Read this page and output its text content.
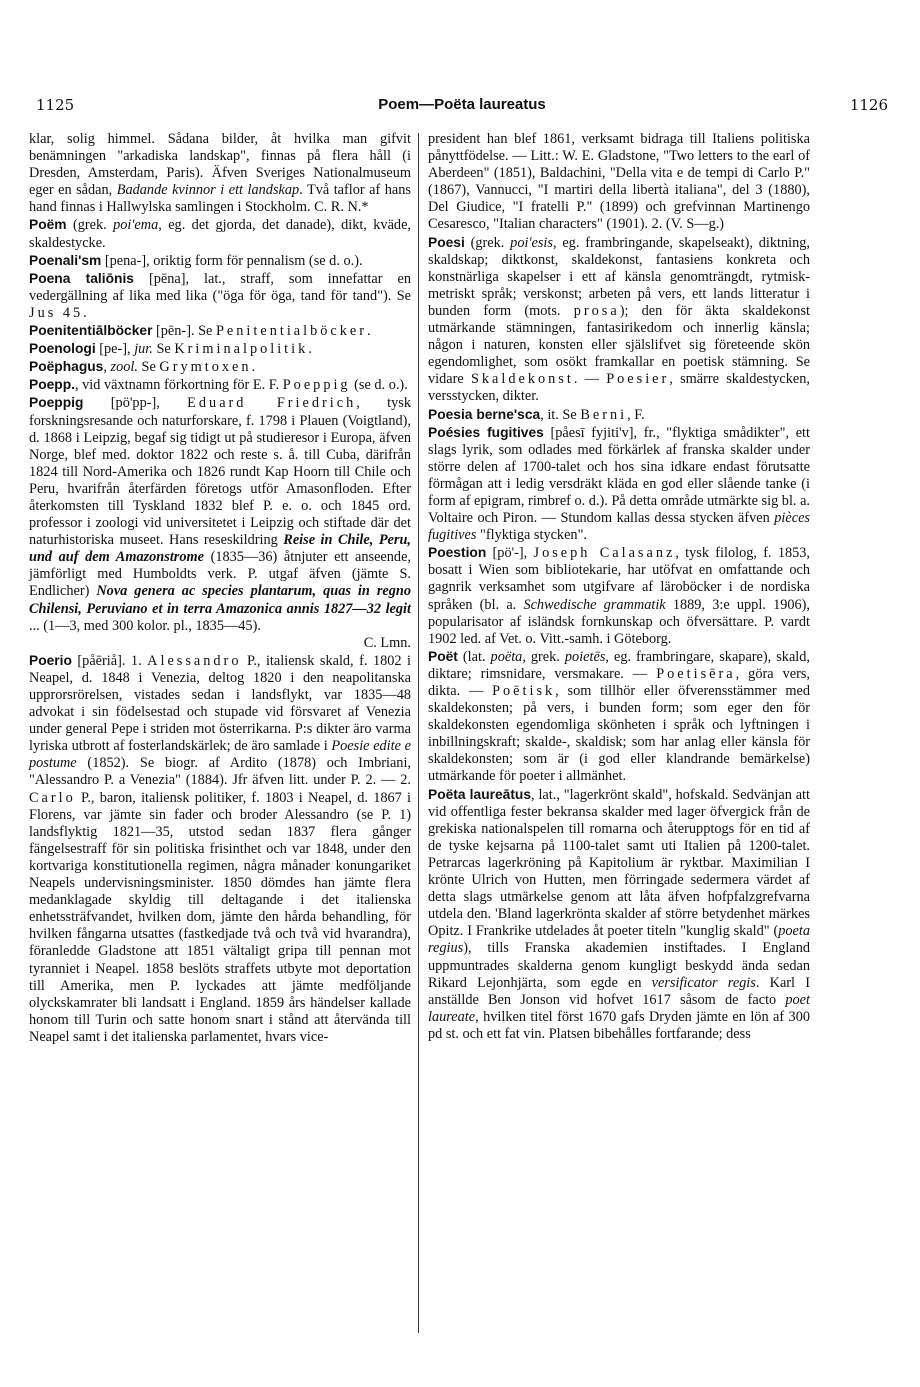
1125	Poem—Poëta laureatus	1126

klar, solig himmel. Sådana bilder, åt hvilka man gifvit benämningen "arkadiska landskap", finnas på flera håll (i Dresden, Amsterdam, Paris). Äfven Sveriges Nationalmuseum eger en sådan, Badande kvinnor i ett landskap. Två taflor af hans hand finnas i Hallwylska samlingen i Stockholm. C. R. N.*

Poëm (grek. poi'ema, eg. det gjorda, det danade), dikt, kväde, skaldestycke.

Poenali'sm [pena-], oriktig form för pennalism (se d. o.).

Poena taliōnis [pēna], lat., straff, som innefattar en vedergällning af lika med lika ("öga för öga, tand för tand"). Se Jus 45.

Poenitentiālböcker [pēn-]. Se Penitentialböcker.

Poenologi [pe-], jur. Se Kriminalpolitik.

Poëphagus, zool. Se Grymtoxen.

Poepp., vid växtnamn förkortning för E. F. Poeppig (se d. o.).

Poeppig [pö'pp-], Eduard Friedrich, tysk forskningsresande och naturforskare, f. 1798 i Plauen (Voigtland), d. 1868 i Leipzig, begaf sig tidigt ut på studieresor i Europa, äfven Norge, blef med. doktor 1822 och reste s. å. till Cuba, därifrån 1824 till Nord-Amerika och 1826 rundt Kap Hoorn till Chile och Peru, hvarifrån återfärden företogs utför Amasonfloden. Efter återkomsten till Tyskland 1832 blef P. e. o. och 1845 ord. professor i zoologi vid universitetet i Leipzig och stiftade där det naturhistoriska museet. Hans reseskildring Reise in Chile, Peru, und auf dem Amazonstrome (1835—36) åtnjuter ett anseende, jämförligt med Humboldts verk. P. utgaf äfven (jämte S. Endlicher) Nova genera ac species plantarum, quas in regno Chilensi, Peruviano et in terra Amazonica annis 1827—32 legit ... (1—3, med 300 kolor. pl., 1835—45).
C. Lmn.

Poerio [påēriå]. 1. Alessandro P., italiensk skald, f. 1802 i Neapel, d. 1848 i Venezia, deltog 1820 i den neapolitanska upprorsrörelsen, vistades sedan i landsflykt, var 1835—48 advokat i sin födelsestad och stupade vid försvaret af Venezia under general Pepe i striden mot österrikarna. P:s dikter äro varma lyriska utbrott af fosterlandskärlek; de äro samlade i Poesie edite e postume (1852). Se biogr. af Ardito (1878) och Imbriani, "Alessandro P. a Venezia" (1884). Jfr äfven litt. under P. 2. — 2. Carlo P., baron, italiensk politiker, f. 1803 i Neapel, d. 1867 i Florens, var jämte sin fader och broder Alessandro (se P. 1) landsflyktig 1821—35, utstod sedan 1837 flera gånger fängelsestraff för sin politiska frisinthet och var 1848, under den kortvariga konstitutionella regimen, några månader konungariket Neapels undervisningsminister. 1850 dömdes han jämte flera medanklagade skyldig till deltagande i det italienska enhetssträfvandet, hvilken dom, jämte den hårda behandling, för hvilken fångarna utsattes (fastkedjade två och två vid hvarandra), föranledde Gladstone att 1851 vältaligt gripa till pennan mot tyranniet i Neapel. 1858 beslöts straffets utbyte mot deportation till Amerika, men P. lyckades att jämte medföljande olyckskamrater bli landsatt i England. 1859 års händelser kallade honom till Turin och satte honom snart i stånd att återvända till Neapel samt i det italienska parlamentet, hvars vice-

president han blef 1861, verksamt bidraga till Italiens politiska pånyttfödelse. — Litt.: W. E. Gladstone, "Two letters to the earl of Aberdeen" (1851), Baldachini, "Della vita e de tempi di Carlo P." (1867), Vannucci, "I martiri della libertà italiana", del 3 (1880), Del Giudice, "I fratelli P." (1899) och grefvinnan Martinengo Cesaresco, "Italian characters" (1901). 2. (V. S—g.)

Poesi (grek. poi'esis, eg. frambringande, skapelseakt), diktning, skaldskap; diktkonst, skaldekonst, fantasiens konkreta och konstnärliga skapelser i ett af känsla genomträngdt, rytmisk-metriskt språk; verskonst; arbeten på vers, ett lands litteratur i bunden form (mots. prosa); den för äkta skaldekonst utmärkande stämningen, fantasirikedom och innerlig känsla; någon i naturen, konsten eller själslifvet sig företeende skön egendomlighet, som osökt framkallar en poetisk stämning. Se vidare Skaldekonst. — Poesier, smärre skaldestycken, versstycken, dikter.

Poesia berne'sca, it. Se Berni, F.

Poésies fugitives [påesī fyjiti'v], fr., "flyktiga smådikter", ett slags lyrik, som odlades med förkärlek af franska skalder under större delen af 1700-talet och hos sina idkare endast förutsatte förmågan att i ledig versdräkt kläda en god eller slående tanke (i form af epigram, rimbref o. d.). På detta område utmärkte sig bl. a. Voltaire och Piron. — Stundom kallas dessa stycken äfven pièces fugitives "flyktiga stycken".

Poestion [pö'-], Joseph Calasanz, tysk filolog, f. 1853, bosatt i Wien som bibliotekarie, har utöfvat en omfattande och gagnrik verksamhet som utgifvare af läroböcker i de nordiska språken (bl. a. Schwedische grammatik 1889, 3:e uppl. 1906), popularisator af isländsk fornkunskap och öfversättare. P. vardt 1902 led. af Vet. o. Vitt.-samh. i Göteborg.

Poët (lat. poëta, grek. poietēs, eg. frambringare, skapare), skald, diktare; rimsnidare, versmakare. — Poetisēra, göra vers, dikta. — Poētisk, som tillhör eller öfverensstämmer med skaldekonsten; på vers, i bunden form; som eger den för skaldekonsten egendomliga skönheten i språk och lyftningen i inbillningskraft; skalde-, skaldisk; som har anlag eller känsla för skaldekonsten; som är (i god eller klandrande bemärkelse) utmärkande för poeter i allmänhet.

Poëta laureātus, lat., "lagerkrönt skald", hofskald. Sedvänjan att vid offentliga fester bekransa skalder med lager öfvergick från de grekiska nationalspelen till romarna och återupptogs för en tid af de tyske kejsarna på 1100-talet samt uti Italien på 1200-talet. Petrarcas lagerkröning på Kapitolium är ryktbar. Maximilian I krönte Ulrich von Hutten, men förringade sedermera värdet af detta slags utmärkelse genom att låta äfven hofpfalzgrefvarna utdela den. 'Bland lagerkrönta skalder af större betydenhet märkes Opitz. I Frankrike utdelades åt poeter titeln "kunglig skald" (poeta regius), tills Franska akademien instiftades. I England uppmuntrades skalderna genom kungligt beskydd ända sedan Rikard Lejonhjärta, som egde en versificator regis. Karl I anställde Ben Jonson vid hofvet 1617 såsom de facto poet laureate, hvilken titel först 1670 gafs Dryden jämte en lön af 300 pd st. och ett fat vin. Platsen bibehålles fortfarande; dess
